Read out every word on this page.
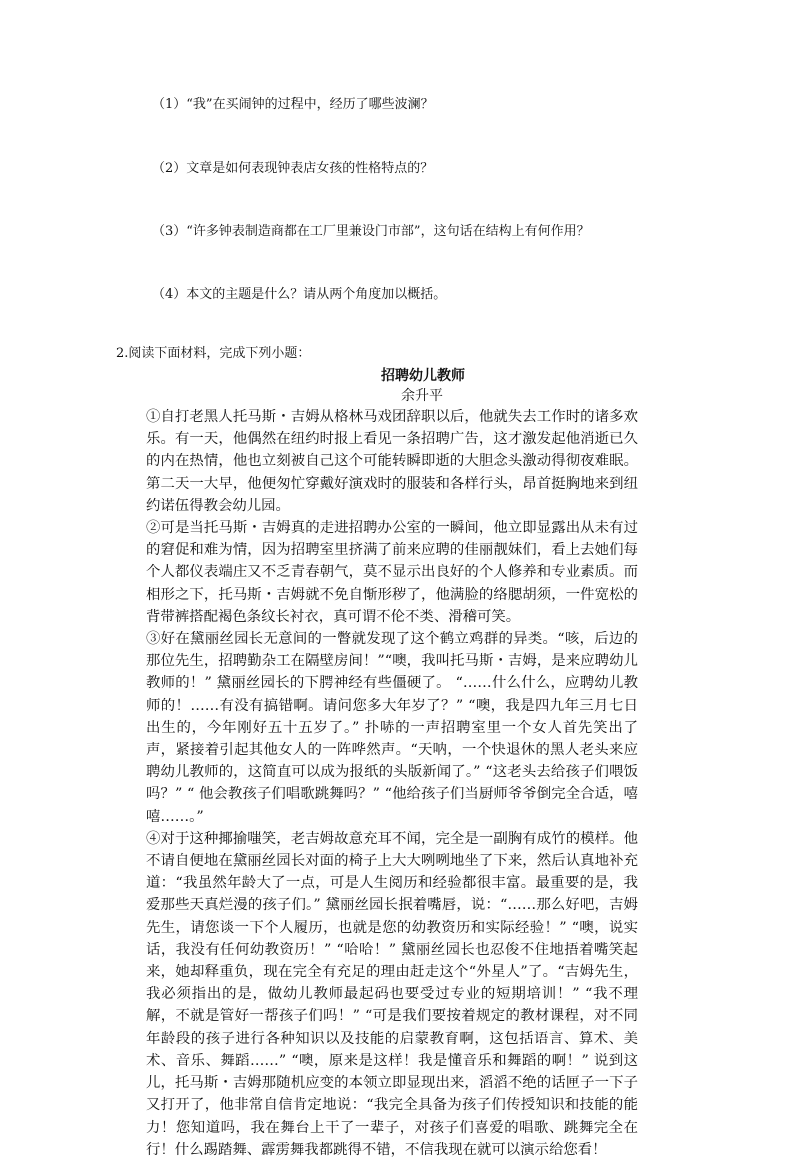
（1）“我”在买闹钟的过程中，经历了哪些波澜？
（2）文章是如何表现钟表店女孩的性格特点的？
（3）“许多钟表制造商都在工厂里兼设门市部”，这句话在结构上有何作用？
（4）本文的主题是什么？请从两个角度加以概括。
2.阅读下面材料，完成下列小题：
招聘幼儿教师
余升平

①自打老黑人托马斯・吉姆从格林马戏团辞职以后，他就失去工作时的诸多欢乐。有一天，他偶然在纽约时报上看见一条招聘广告，这才激发起他消逝已久的内在热情，他也立刻被自己这个可能转瞬即逝的大胆念头激动得彻夜难眠。第二天一大早，他便匆忙穿戴好演戏时的服装和各样行头，昂首挺胸地来到纽约诺伍得教会幼儿园。

②可是当托马斯・吉姆真的走进招聘办公室的一瞬间，他立即显露出从未有过的窘促和难为情，因为招聘室里挤满了前来应聘的佳丽靓妹们，看上去她们每个人都仪表端庄又不乏青春朝气，莫不显示出良好的个人修养和专业素质。而相形之下，托马斯・吉姆就不免自惭形秽了，他满脸的络腮胡须，一件宽松的背带裤搭配褐色条纹长衬衣，真可谓不伦不类、滑稽可笑。

③好在黛丽丝园长无意间的一瞥就发现了这个鹤立鸡群的异类。“咳，后边的那位先生，招聘勤杂工在隔壁房间！”“噢，我叫托马斯・吉姆，是来应聘幼儿教师的！” 黛丽丝园长的下腭神经有些僵硬了。 “……什么什么，应聘幼儿教师的！……有没有搞错啊。请问您多大年岁了？” “噢，我是四九年三月七日出生的，今年刚好五十五岁了。” 扑哧的一声招聘室里一个女人首先笑出了声，紧接着引起其他女人的一阵哗然声。“天呐，一个快退休的黑人老头来应聘幼儿教师的，这简直可以成为报纸的头版新闻了。” “这老头去给孩子们喂饭吗？” “ 他会教孩子们唱歌跳舞吗？” “他给孩子们当厨师爷爷倒完全合适，嘻嘻……。”

④对于这种揶揄嗤笑，老吉姆故意充耳不闻，完全是一副胸有成竹的模样。他不请自便地在黛丽丝园长对面的椅子上大大咧咧地坐了下来，然后认真地补充道：“我虽然年龄大了一点，可是人生阅历和经验都很丰富。最重要的是，我爱那些天真烂漫的孩子们。” 黛丽丝园长抿着嘴唇，说：“……那么好吧，吉姆先生，请您谈一下个人履历，也就是您的幼教资历和实际经验！” “噢，说实话，我没有任何幼教资历！” “哈哈！” 黛丽丝园长也忍俊不住地捂着嘴笑起来，她却释重负，现在完全有充足的理由赶走这个“外星人”了。“吉姆先生，我必须指出的是，做幼儿教师最起码也要受过专业的短期培训！” “我不理解，不就是管好一帮孩子们吗！” “可是我们要按着规定的教材课程，对不同年龄段的孩子进行各种知识以及技能的启蒙教育啊，这包括语言、算术、美术、音乐、舞蹈……” “噢，原来是这样！我是懂音乐和舞蹈的啊！” 说到这儿，托马斯・吉姆那随机应变的本领立即显现出来，滔滔不绝的话匣子一下子又打开了，他非常自信肯定地说：“我完全具备为孩子们传授知识和技能的能力！您知道吗，我在舞台上干了一辈子，对孩子们喜爱的唱歌、跳舞完全在行！什么踢踏舞、霹雳舞我都跳得不错，不信我现在就可以演示给您看！
